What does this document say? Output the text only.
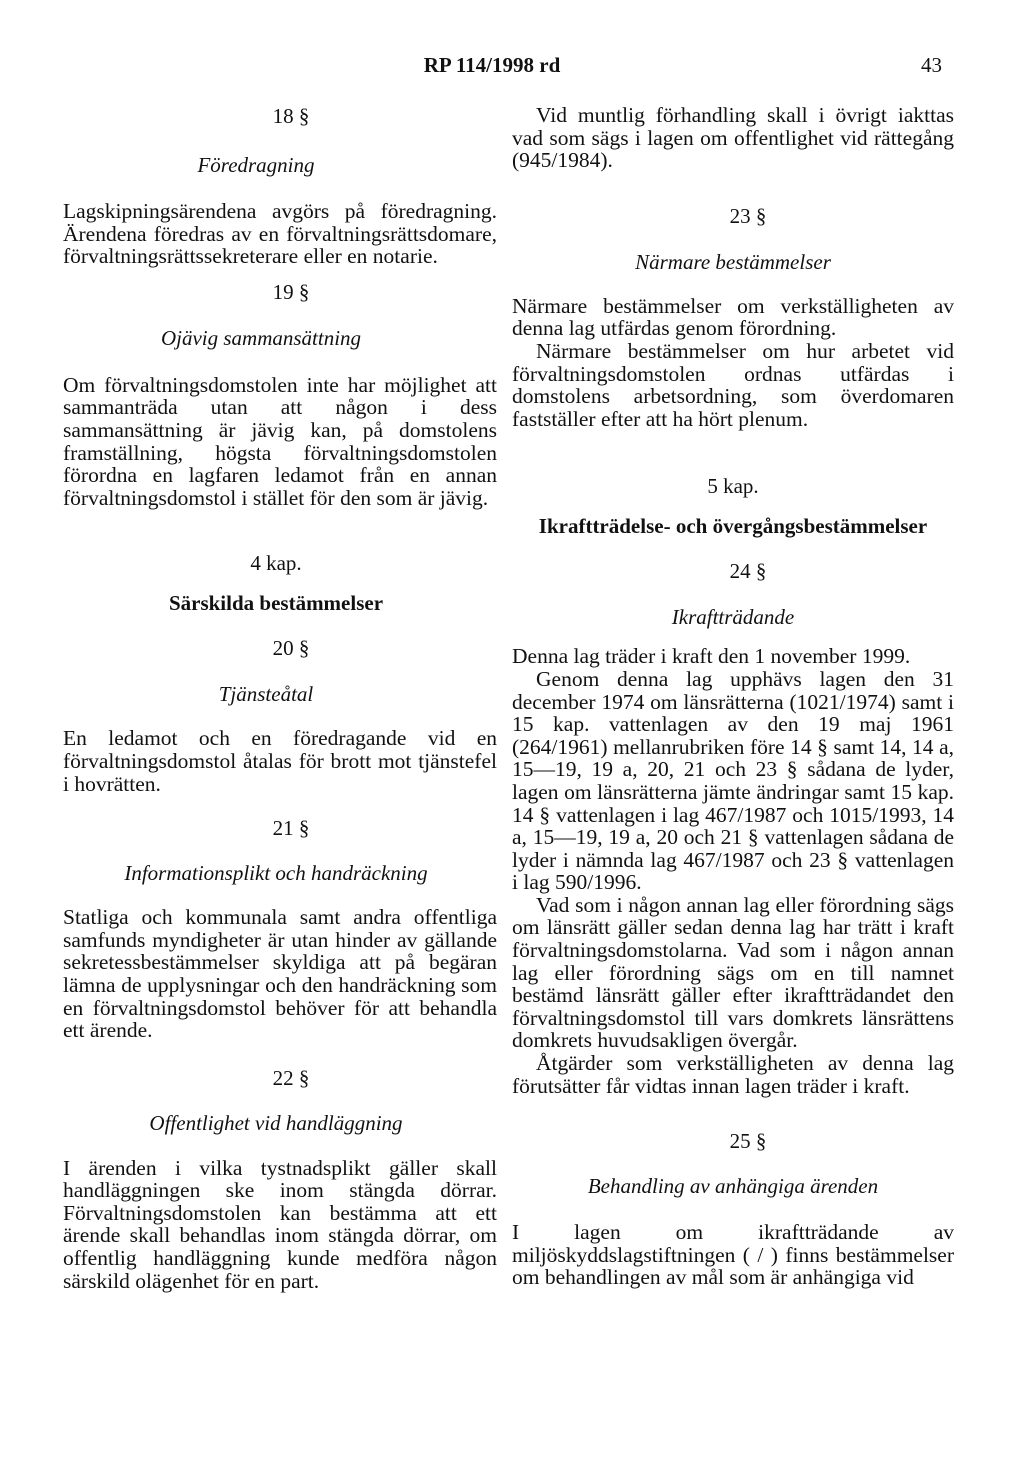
RP 114/1998 rd	43

18 §

Föredragning

Lagskipningsärendena avgörs på föredragning. Ärendena föredras av en förvaltningsrättsdomare, förvaltningsrättssekreterare eller en notarie.

19 §

Ojävig sammansättning

Om förvaltningsdomstolen inte har möjlighet att sammanträda utan att någon i dess sammansättning är jävig kan, på domstolens framställning, högsta förvaltningsdomstolen förordna en lagfaren ledamot från en annan förvaltningsdomstol i stället för den som är jävig.

4 kap.

Särskilda bestämmelser

20 §

Tjänsteåtal

En ledamot och en föredragande vid en förvaltningsdomstol åtalas för brott mot tjänstefel i hovrätten.

21 §

Informationsplikt och handräckning

Statliga och kommunala samt andra offentliga samfunds myndigheter är utan hinder av gällande sekretessbestämmelser skyldiga att på begäran lämna de upplysningar och den handräckning som en förvaltningsdomstol behöver för att behandla ett ärende.

22 §

Offentlighet vid handläggning

I ärenden i vilka tystnadsplikt gäller skall handläggningen ske inom stängda dörrar. Förvaltningsdomstolen kan bestämma att ett ärende skall behandlas inom stängda dörrar, om offentlig handläggning kunde medföra någon särskild olägenhet för en part.

Vid muntlig förhandling skall i övrigt iakttas vad som sägs i lagen om offentlighet vid rättegång (945/1984).

23 §

Närmare bestämmelser

Närmare bestämmelser om verkställigheten av denna lag utfärdas genom förordning.

Närmare bestämmelser om hur arbetet vid förvaltningsdomstolen ordnas utfärdas i domstolens arbetsordning, som överdomaren fastställer efter att ha hört plenum.

5 kap.

Ikraftträdelse- och övergångsbestämmelser

24 §

Ikraftträdande

Denna lag träder i kraft den 1 november 1999.

Genom denna lag upphävs lagen den 31 december 1974 om länsrätterna (1021/1974) samt i 15 kap. vattenlagen av den 19 maj 1961 (264/1961) mellanrubriken före 14 § samt 14, 14 a, 15—19, 19 a, 20, 21 och 23 § sådana de lyder, lagen om länsrätterna jämte ändringar samt 15 kap. 14 § vattenlagen i lag 467/1987 och 1015/1993, 14 a, 15—19, 19 a, 20 och 21 § vattenlagen sådana de lyder i nämnda lag 467/1987 och 23 § vattenlagen i lag 590/1996.

Vad som i någon annan lag eller förordning sägs om länsrätt gäller sedan denna lag har trätt i kraft förvaltningsdomstolarna. Vad som i någon annan lag eller förordning sägs om en till namnet bestämd länsrätt gäller efter ikraftträdandet den förvaltningsdomstol till vars domkrets länsrättens domkrets huvudsakligen övergår.

Åtgärder som verkställigheten av denna lag förutsätter får vidtas innan lagen träder i kraft.

25 §

Behandling av anhängiga ärenden

I lagen om ikraftträdande av miljöskyddslagstiftningen ( / ) finns bestämmelser om behandlingen av mål som är anhängiga vid
